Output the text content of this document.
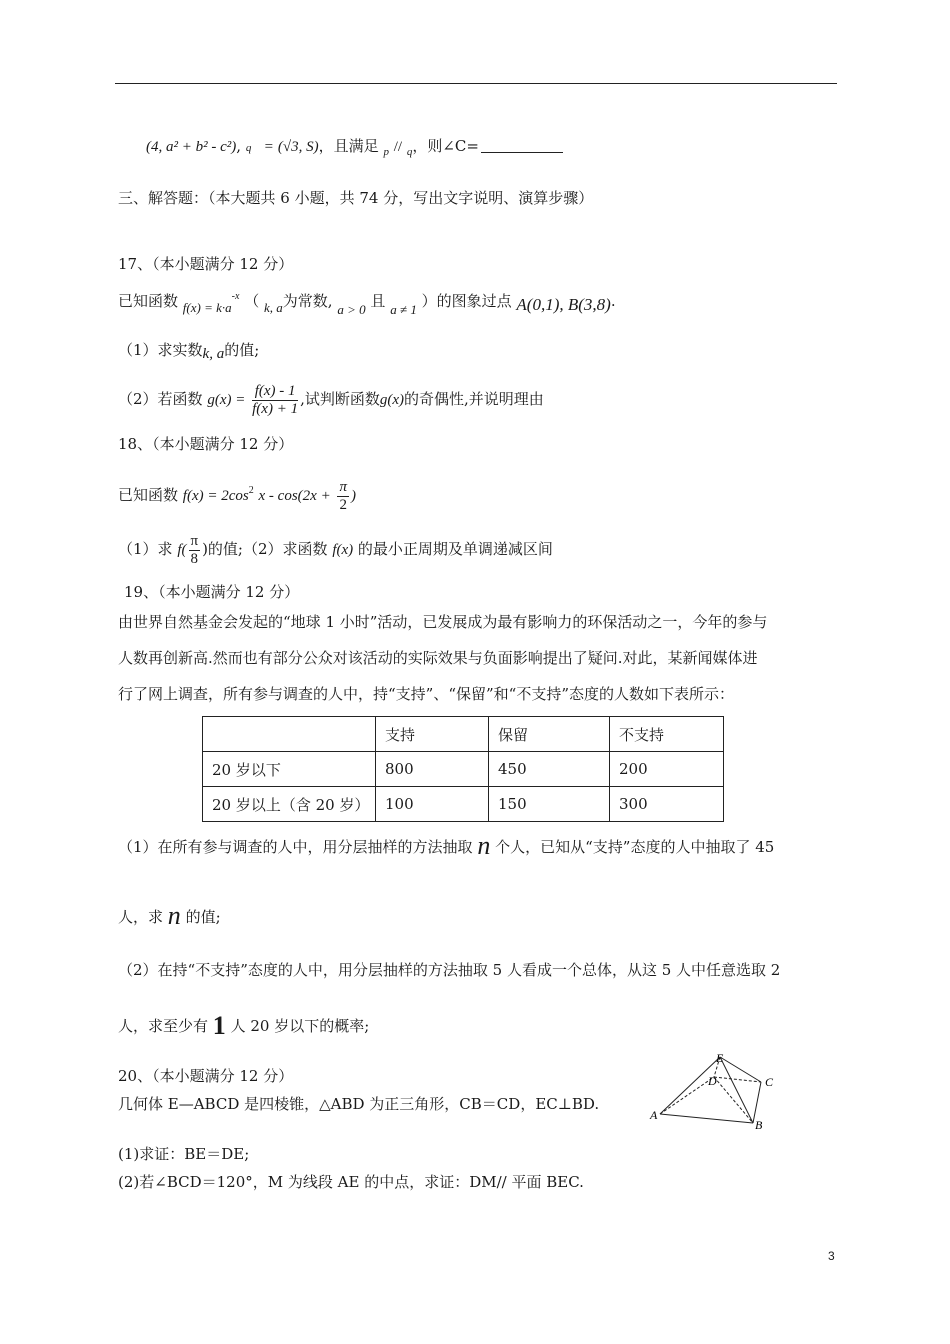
(4, a² + b² - c²), q⃗ = (√3, S)，且满足 $_p$ // $_q$，则∠C=
三、解答题：（本大题共 6 小题，共 74 分，写出文字说明、演算步骤）
17、（本小题满分 12 分）
已知函数 $f(x) = k\cdot a^{-x}$ （ k, a为常数, a > 0 且 a ≠ 1 ）的图象过点 A(0,1), B(3,8).
（1）求实数k, a的值;
（2）若函数 $g(x) = \frac{f(x) - 1}{f(x) + 1}$ ,试判断函数g(x)的奇偶性,并说明理由
18、（本小题满分 12 分）
已知函数 $f(x) = 2\cos^2$ $x - \cos(2x + \frac{\pi}{2}$ )
（1）求 $f( \frac{\pi}{8}$ )的值;（2）求函数 f(x) 的最小正周期及单调递减区间
19、（本小题满分 12 分）
由世界自然基金会发起的“地球 1 小时”活动，已发展成为最有影响力的环保活动之一，今年的参与
人数再创新高.然而也有部分公众对该活动的实际效果与负面影响提出了疑问.对此，某新闻媒体进
行了网上调查，所有参与调查的人中，持“支持”、“保留”和“不支持”态度的人数如下表所示：
	支持	保留	不支持
20 岁以下	800	450	200
20 岁以上（含 20 岁）	100	150	300
（1）在所有参与调查的人中，用分层抽样的方法抽取 n 个人，已知从“支持”态度的人中抽取了 45
人，求 n 的值;
（2）在持“不支持”态度的人中，用分层抽样的方法抽取 5 人看成一个总体，从这 5 人中任意选取 2
人，求至少有 1 人 20 岁以下的概率;
20、（本小题满分 12 分）
几何体 E—ABCD 是四棱锥，△ABD 为正三角形，CB＝CD，EC⊥BD.
(1)求证：BE＝DE;
(2)若∠BCD＝120°，M 为线段 AE 的中点，求证：DM// 平面 BEC.
E
D	C
A
B
3
